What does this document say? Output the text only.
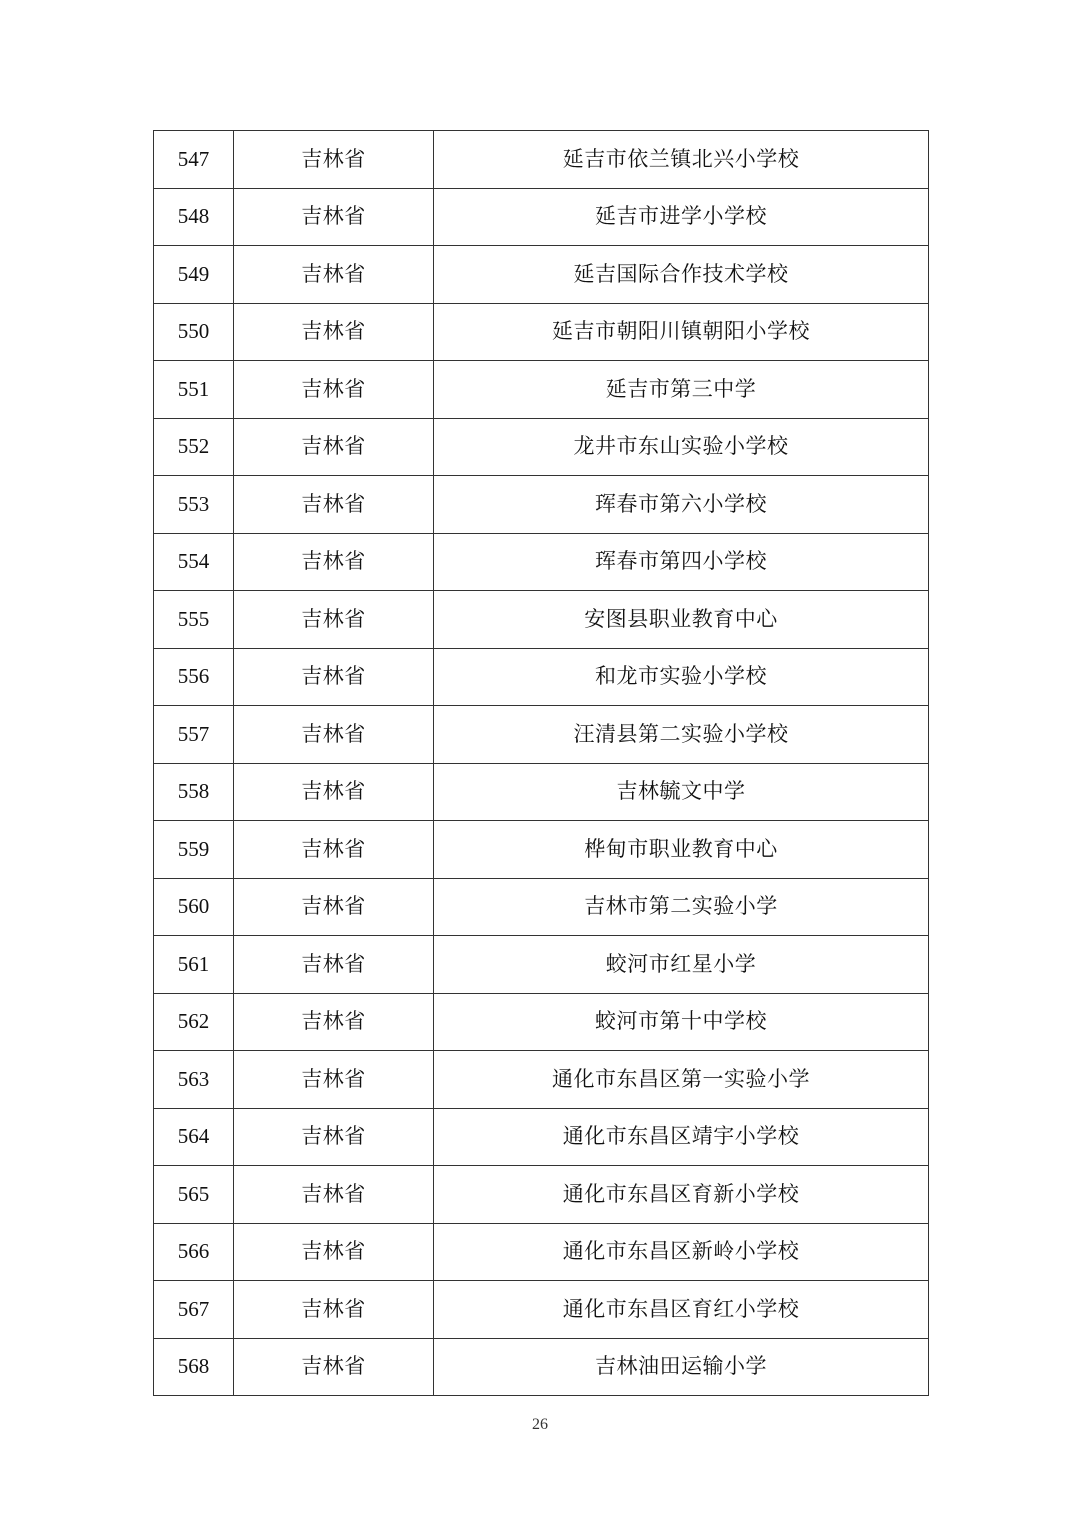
547	吉林省	延吉市依兰镇北兴小学校
548	吉林省	延吉市进学小学校
549	吉林省	延吉国际合作技术学校
550	吉林省	延吉市朝阳川镇朝阳小学校
551	吉林省	延吉市第三中学
552	吉林省	龙井市东山实验小学校
553	吉林省	珲春市第六小学校
554	吉林省	珲春市第四小学校
555	吉林省	安图县职业教育中心
556	吉林省	和龙市实验小学校
557	吉林省	汪清县第二实验小学校
558	吉林省	吉林毓文中学
559	吉林省	桦甸市职业教育中心
560	吉林省	吉林市第二实验小学
561	吉林省	蛟河市红星小学
562	吉林省	蛟河市第十中学校
563	吉林省	通化市东昌区第一实验小学
564	吉林省	通化市东昌区靖宇小学校
565	吉林省	通化市东昌区育新小学校
566	吉林省	通化市东昌区新岭小学校
567	吉林省	通化市东昌区育红小学校
568	吉林省	吉林油田运输小学
26
